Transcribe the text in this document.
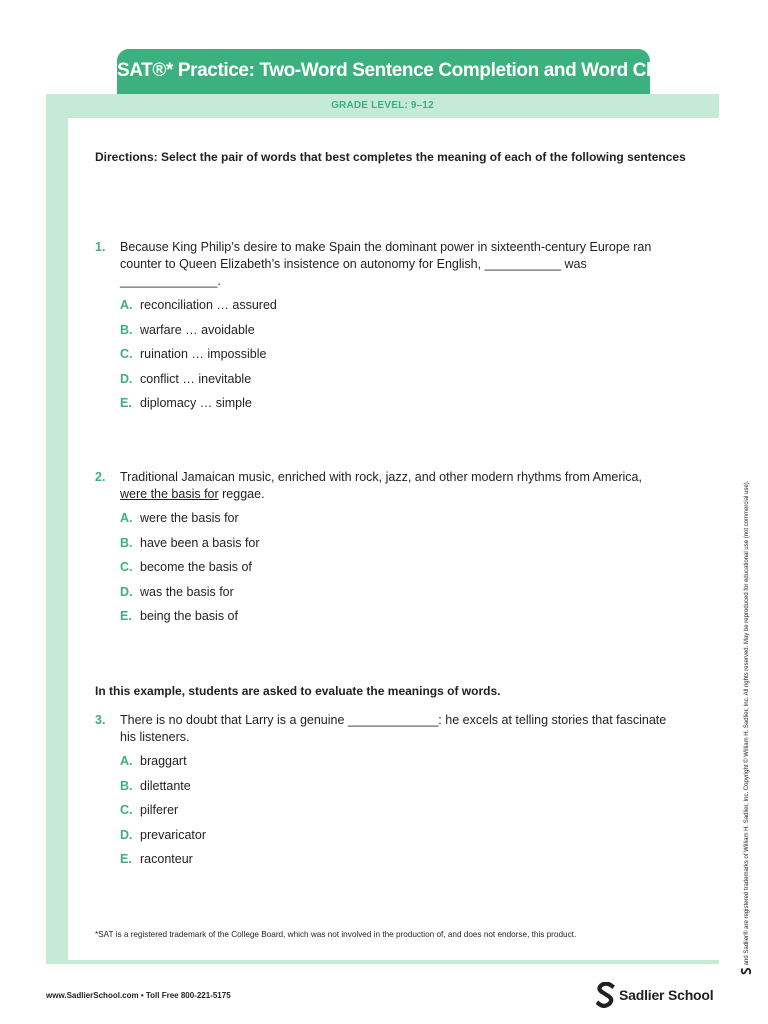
SAT®* Practice: Two-Word Sentence Completion and Word Choice
GRADE LEVEL: 9–12
Directions: Select the pair of words that best completes the meaning of each of the following sentences
1.	Because King Philip’s desire to make Spain the dominant power in sixteenth-century Europe ran counter to Queen Elizabeth’s insistence on autonomy for English, ___________ was ______________.
A. reconciliation … assured
B. warfare … avoidable
C. ruination … impossible
D. conflict … inevitable
E. diplomacy … simple
2.	Traditional Jamaican music, enriched with rock, jazz, and other modern rhythms from America,
were the basis for reggae.
A. were the basis for
B. have been a basis for
C. become the basis of
D. was the basis for
E. being the basis of
In this example, students are asked to evaluate the meanings of words.
3.	There is no doubt that Larry is a genuine _____________: he excels at telling stories that fascinate his listeners.
A. braggart
B. dilettante
C. pilferer
D. prevaricator
E. raconteur
*SAT is a registered trademark of the College Board, which was not involved in the production of, and does not endorse, this product.	and Sadlier® are registered trademarks of William H. Sadlier, Inc. Copyright © William H. Sadlier, Inc. All rights reserved. May be reproduced for educational use (not commercial use).
www.SadlierSchool.com • Toll Free 800-221-5175	Sadlier School
